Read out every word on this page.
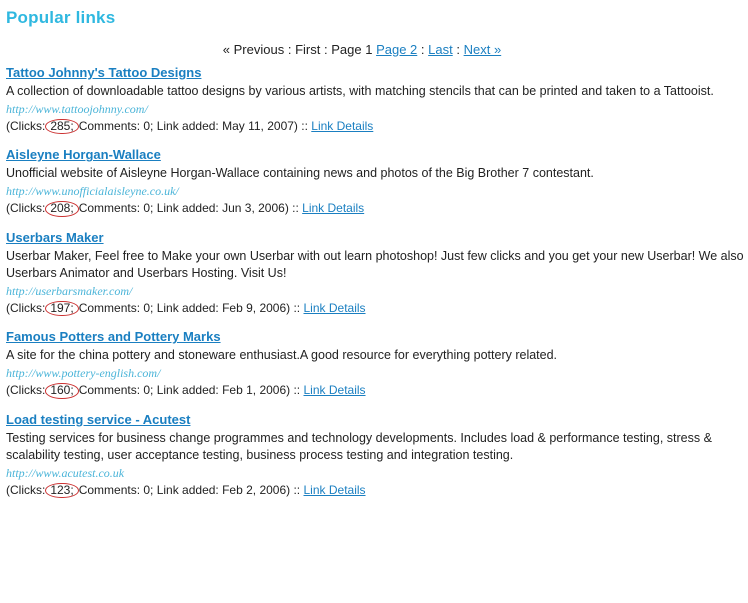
Popular links
« Previous : First : Page 1 Page 2 : Last : Next »
Tattoo Johnny's Tattoo Designs

A collection of downloadable tattoo designs by various artists, with matching stencils that can be printed and taken to a Tattooist.

http://www.tattoojohnny.com/
(Clicks: 285; Comments: 0; Link added: May 11, 2007) :: Link Details
Aisleyne Horgan-Wallace

Unofficial website of Aisleyne Horgan-Wallace containing news and photos of the Big Brother 7 contestant.

http://www.unofficialaisleyne.co.uk/
(Clicks: 208; Comments: 0; Link added: Jun 3, 2006) :: Link Details
Userbars Maker

Userbar Maker, Feel free to Make your own Userbar with out learn photoshop! Just few clicks and you get your new Userbar! We also Userbars Animator and Userbars Hosting. Visit Us!

http://userbarsmaker.com/
(Clicks: 197; Comments: 0; Link added: Feb 9, 2006) :: Link Details
Famous Potters and Pottery Marks

A site for the china pottery and stoneware enthusiast.A good resource for everything pottery related.

http://www.pottery-english.com/
(Clicks: 160; Comments: 0; Link added: Feb 1, 2006) :: Link Details
Load testing service - Acutest

Testing services for business change programmes and technology developments. Includes load & performance testing, stress & scalability testing, user acceptance testing, business process testing and integration testing.

http://www.acutest.co.uk
(Clicks: 123; Comments: 0; Link added: Feb 2, 2006) :: Link Details
